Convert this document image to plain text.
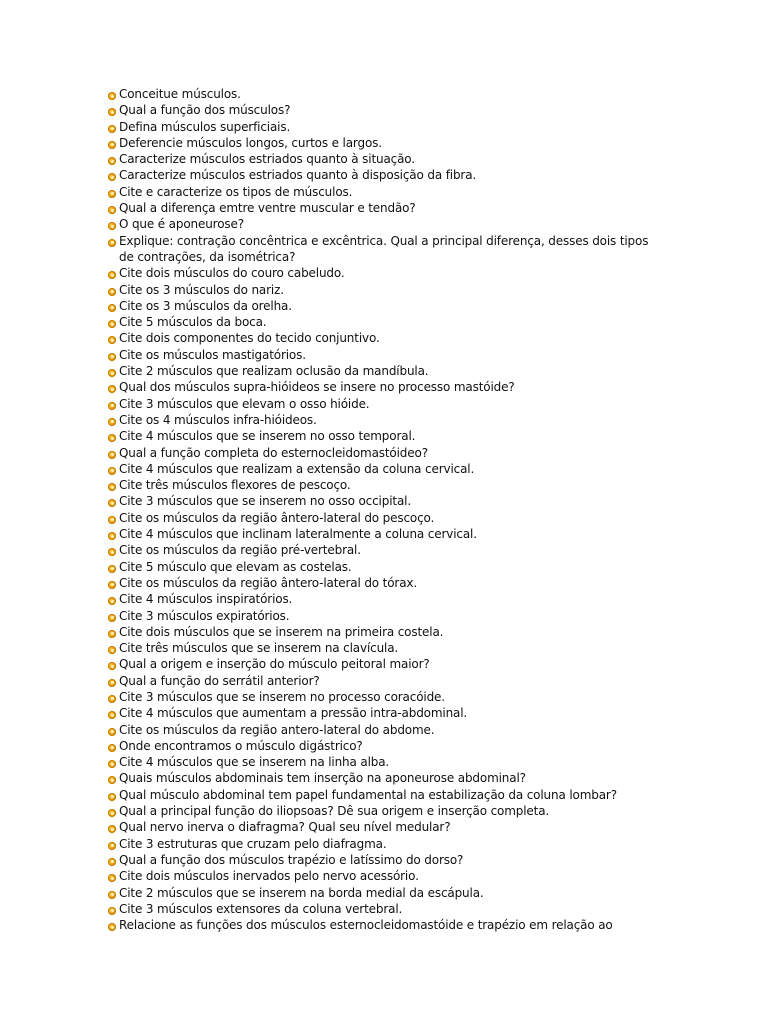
Conceitue músculos.
Qual a função dos músculos?
Defina músculos superficiais.
Deferencie músculos longos, curtos e largos.
Caracterize músculos estriados quanto à situação.
Caracterize músculos estriados quanto à disposição da fibra.
Cite e caracterize os tipos de músculos.
Qual a diferença emtre ventre muscular e tendão?
O que é aponeurose?
Explique: contração concêntrica e excêntrica. Qual a principal diferença, desses dois tipos de contrações, da isométrica?
Cite dois músculos do couro cabeludo.
Cite os 3 músculos do nariz.
Cite os 3 músculos da orelha.
Cite 5 músculos da boca.
Cite dois componentes do tecido conjuntivo.
Cite os músculos mastigatórios.
Cite 2 músculos que realizam oclusão da mandíbula.
Qual dos músculos supra-hióideos se insere no processo mastóide?
Cite 3 músculos que elevam o osso hióide.
Cite os 4 músculos infra-hióideos.
Cite 4 músculos que se inserem no osso temporal.
Qual a função completa do esternocleidomastóideo?
Cite 4 músculos que realizam a extensão da coluna cervical.
Cite três músculos flexores de pescoço.
Cite 3 músculos que se inserem no osso occipital.
Cite os músculos da região ântero-lateral do pescoço.
Cite 4 músculos que inclinam lateralmente a coluna cervical.
Cite os músculos da região pré-vertebral.
Cite 5 músculo que elevam as costelas.
Cite os músculos da região ântero-lateral do tórax.
Cite 4 músculos inspiratórios.
Cite 3 músculos expiratórios.
Cite dois músculos que se inserem na primeira costela.
Cite três músculos que se inserem na clavícula.
Qual a origem e inserção do músculo peitoral maior?
Qual a função do serrátil anterior?
Cite 3 músculos que se inserem no processo coracóide.
Cite 4 músculos que aumentam a pressão intra-abdominal.
Cite os músculos da região antero-lateral do abdome.
Onde encontramos o músculo digástrico?
Cite 4 músculos que se inserem na linha alba.
Quais músculos abdominais tem inserção na aponeurose abdominal?
Qual músculo abdominal tem papel fundamental na estabilização da coluna lombar?
Qual a principal função do iliopsoas? Dê sua origem e inserção completa.
Qual nervo inerva o diafragma? Qual seu nível medular?
Cite 3 estruturas que cruzam pelo diafragma.
Qual a função dos músculos trapézio e latíssimo do dorso?
Cite dois músculos inervados pelo nervo acessório.
Cite 2 músculos que se inserem na borda medial da escápula.
Cite 3 músculos extensores da coluna vertebral.
Relacione as funções dos músculos esternocleidomastóide e trapézio em relação ao
